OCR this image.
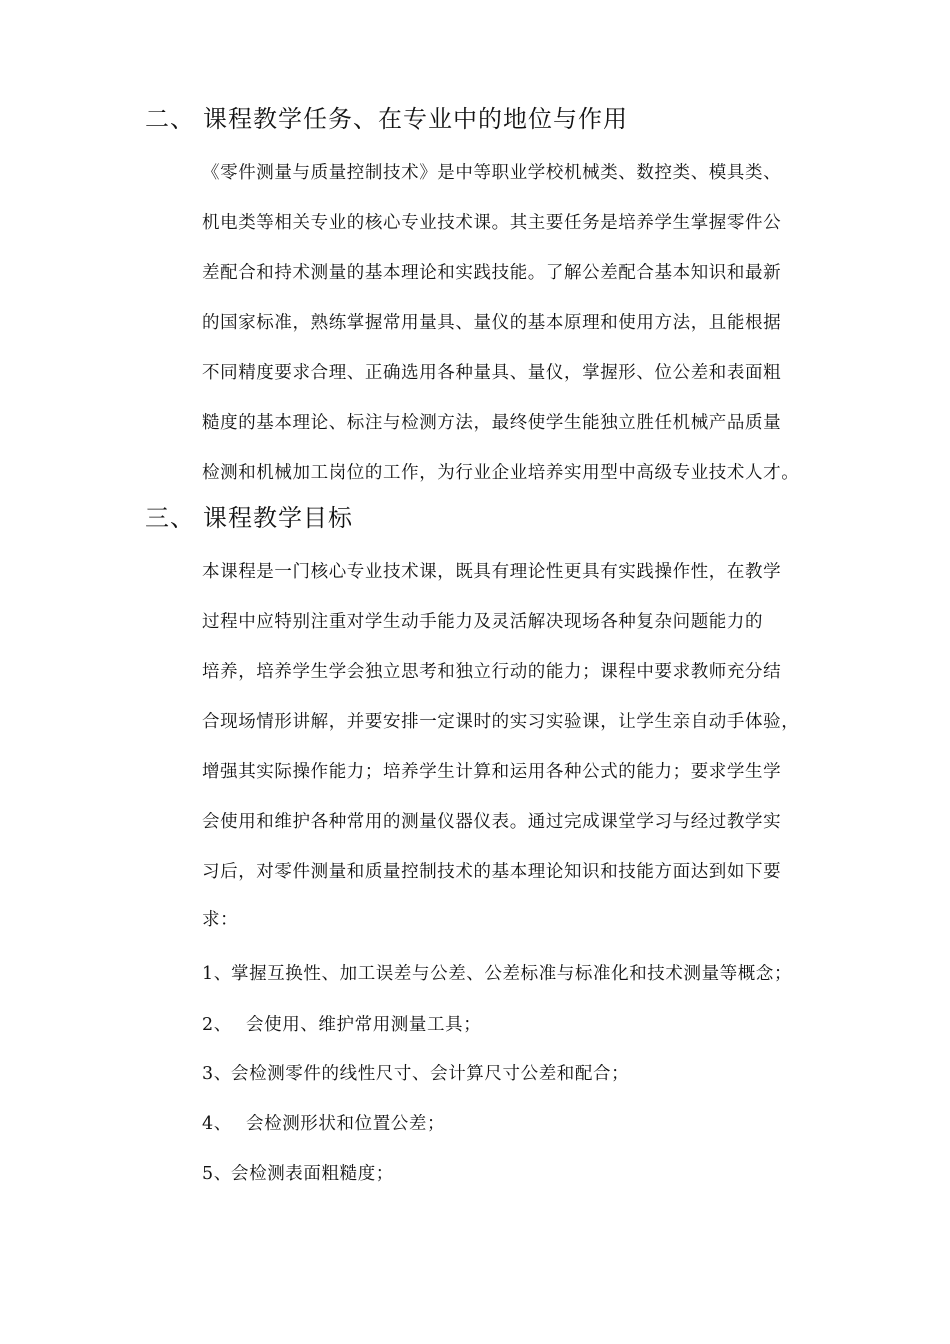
二、 课程教学任务、在专业中的地位与作用
《零件测量与质量控制技术》是中等职业学校机械类、数控类、模具类、
机电类等相关专业的核心专业技术课。其主要任务是培养学生掌握零件公
差配合和持术测量的基本理论和实践技能。了解公差配合基本知识和最新
的国家标准，熟练掌握常用量具、量仪的基本原理和使用方法，且能根据
不同精度要求合理、正确选用各种量具、量仪，掌握形、位公差和表面粗
糙度的基本理论、标注与检测方法，最终使学生能独立胜任机械产品质量
检测和机械加工岗位的工作，为行业企业培养实用型中高级专业技术人才。
三、 课程教学目标
本课程是一门核心专业技术课，既具有理论性更具有实践操作性，在教学
过程中应特别注重对学生动手能力及灵活解决现场各种复杂问题能力的
培养，培养学生学会独立思考和独立行动的能力；课程中要求教师充分结
合现场情形讲解，并要安排一定课时的实习实验课，让学生亲自动手体验，
增强其实际操作能力；培养学生计算和运用各种公式的能力；要求学生学
会使用和维护各种常用的测量仪器仪表。通过完成课堂学习与经过教学实
习后，对零件测量和质量控制技术的基本理论知识和技能方面达到如下要
求：
1、掌握互换性、加工误差与公差、公差标准与标准化和技术测量等概念；
2、 会使用、维护常用测量工具；
3、会检测零件的线性尺寸、会计算尺寸公差和配合；
4、 会检测形状和位置公差；
5、会检测表面粗糙度；
